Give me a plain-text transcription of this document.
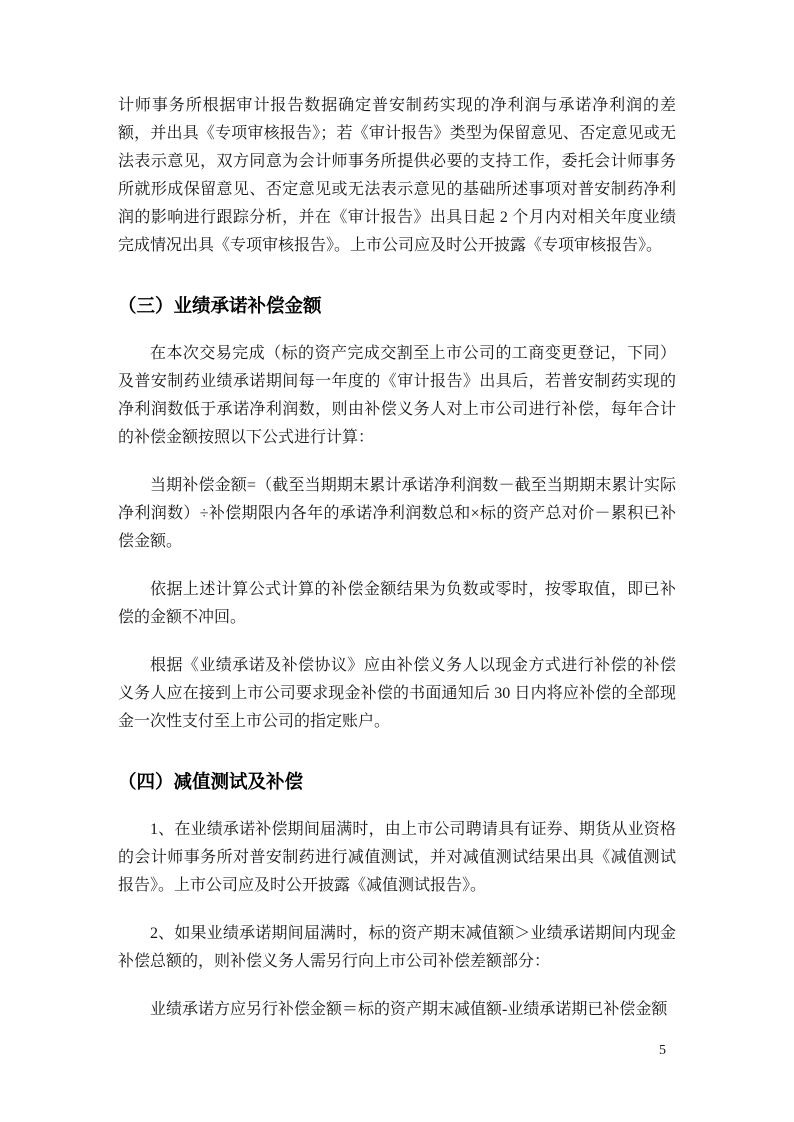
计师事务所根据审计报告数据确定普安制药实现的净利润与承诺净利润的差额，并出具《专项审核报告》；若《审计报告》类型为保留意见、否定意见或无法表示意见，双方同意为会计师事务所提供必要的支持工作，委托会计师事务所就形成保留意见、否定意见或无法表示意见的基础所述事项对普安制药净利润的影响进行跟踪分析，并在《审计报告》出具日起 2 个月内对相关年度业绩完成情况出具《专项审核报告》。上市公司应及时公开披露《专项审核报告》。

（三）业绩承诺补偿金额

在本次交易完成（标的资产完成交割至上市公司的工商变更登记，下同）及普安制药业绩承诺期间每一年度的《审计报告》出具后，若普安制药实现的净利润数低于承诺净利润数，则由补偿义务人对上市公司进行补偿，每年合计的补偿金额按照以下公式进行计算：

当期补偿金额=（截至当期期末累计承诺净利润数－截至当期期末累计实际净利润数）÷补偿期限内各年的承诺净利润数总和×标的资产总对价－累积已补偿金额。

依据上述计算公式计算的补偿金额结果为负数或零时，按零取值，即已补偿的金额不冲回。

根据《业绩承诺及补偿协议》应由补偿义务人以现金方式进行补偿的补偿义务人应在接到上市公司要求现金补偿的书面通知后 30 日内将应补偿的全部现金一次性支付至上市公司的指定账户。

（四）减值测试及补偿

1、在业绩承诺补偿期间届满时，由上市公司聘请具有证券、期货从业资格的会计师事务所对普安制药进行减值测试，并对减值测试结果出具《减值测试报告》。上市公司应及时公开披露《减值测试报告》。

2、如果业绩承诺期间届满时，标的资产期末减值额＞业绩承诺期间内现金补偿总额的，则补偿义务人需另行向上市公司补偿差额部分：

业绩承诺方应另行补偿金额＝标的资产期末减值额-业绩承诺期已补偿金额

5
